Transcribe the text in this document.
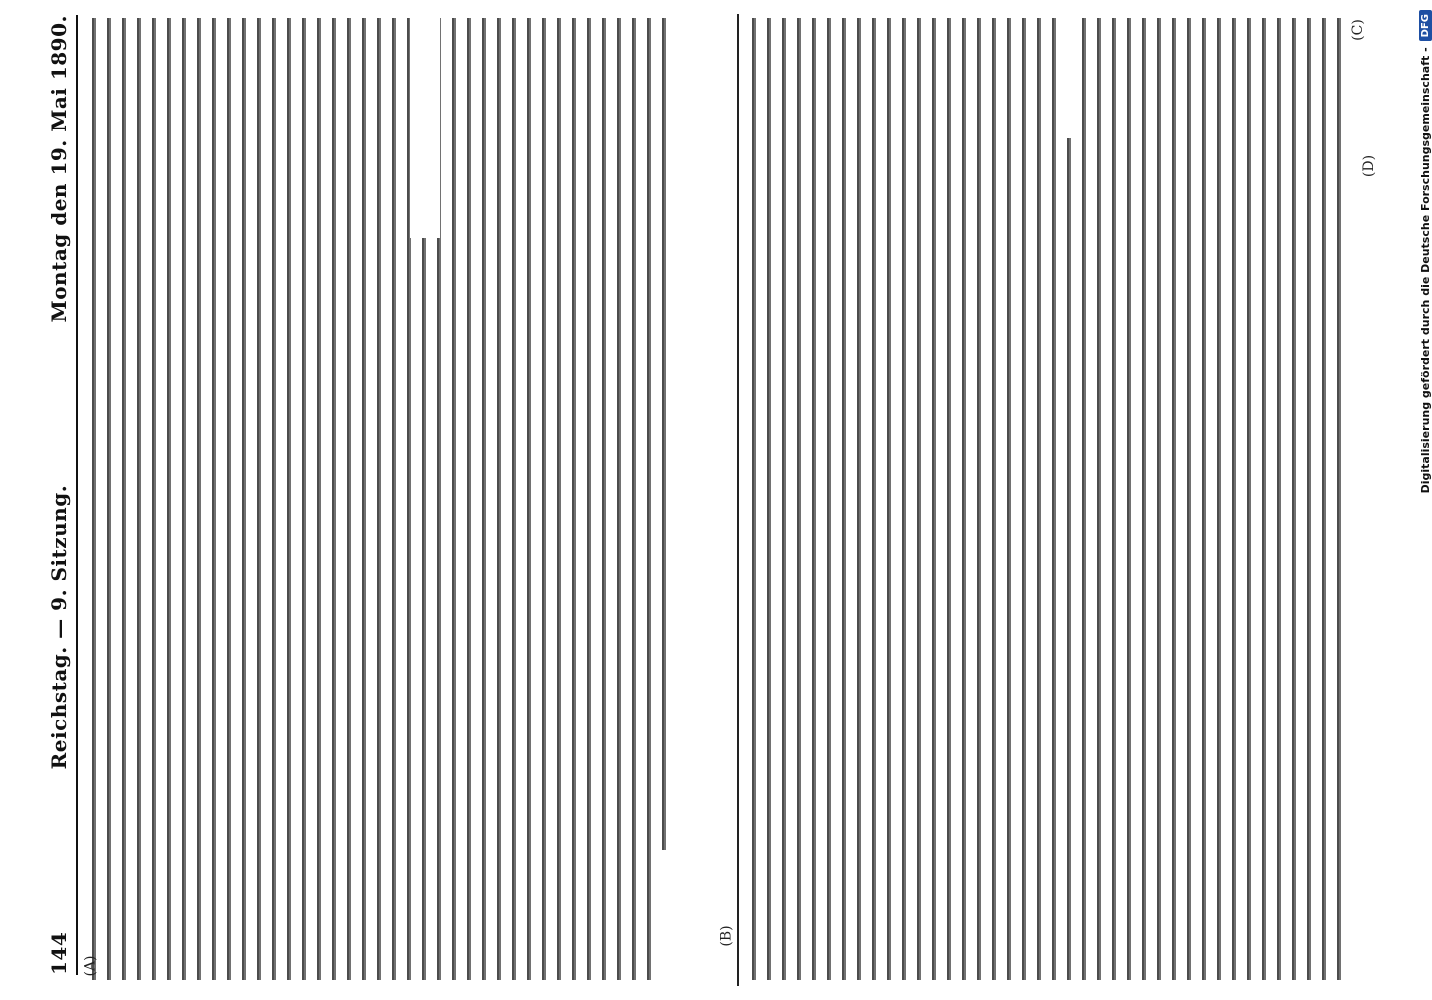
144
Reichstag. — 9. Sitzung.
Montag den 19. Mai 1890.
(A)
(B)
(C)
(D)	Digitalisierung gefördert durch die Deutsche Forschungsgemeinschaft -
DFG
